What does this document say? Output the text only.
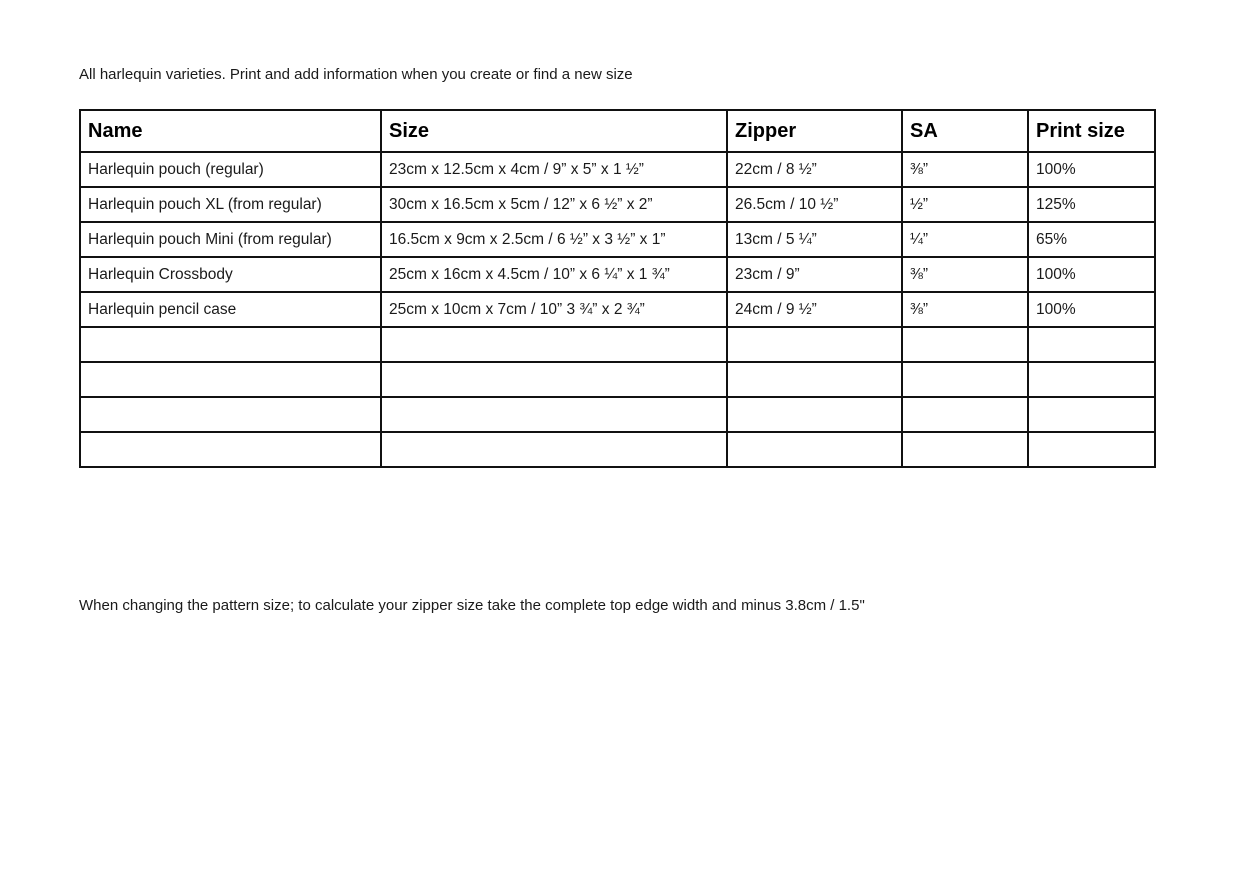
All harlequin varieties. Print and add information when you create or find a new size
Name	Size	Zipper	SA	Print size
Harlequin pouch (regular)	23cm x 12.5cm x 4cm / 9” x 5” x 1 ½”	22cm / 8 ½”	⅜”	100%
Harlequin pouch XL (from regular)	30cm x 16.5cm x 5cm / 12” x 6 ½” x 2”	26.5cm / 10 ½”	½”	125%
Harlequin pouch Mini (from regular)	16.5cm x 9cm x 2.5cm / 6 ½” x 3 ½” x 1”	13cm / 5 ¼”	¼”	65%
Harlequin Crossbody	25cm x 16cm x 4.5cm / 10” x 6 ¼” x 1 ¾”	23cm / 9”	⅜”	100%
Harlequin pencil case	25cm x 10cm x 7cm / 10” 3 ¾” x 2 ¾”	24cm / 9 ½”	⅜”	100%

When changing the pattern size; to calculate your zipper size take the complete top edge width and minus 3.8cm / 1.5"
